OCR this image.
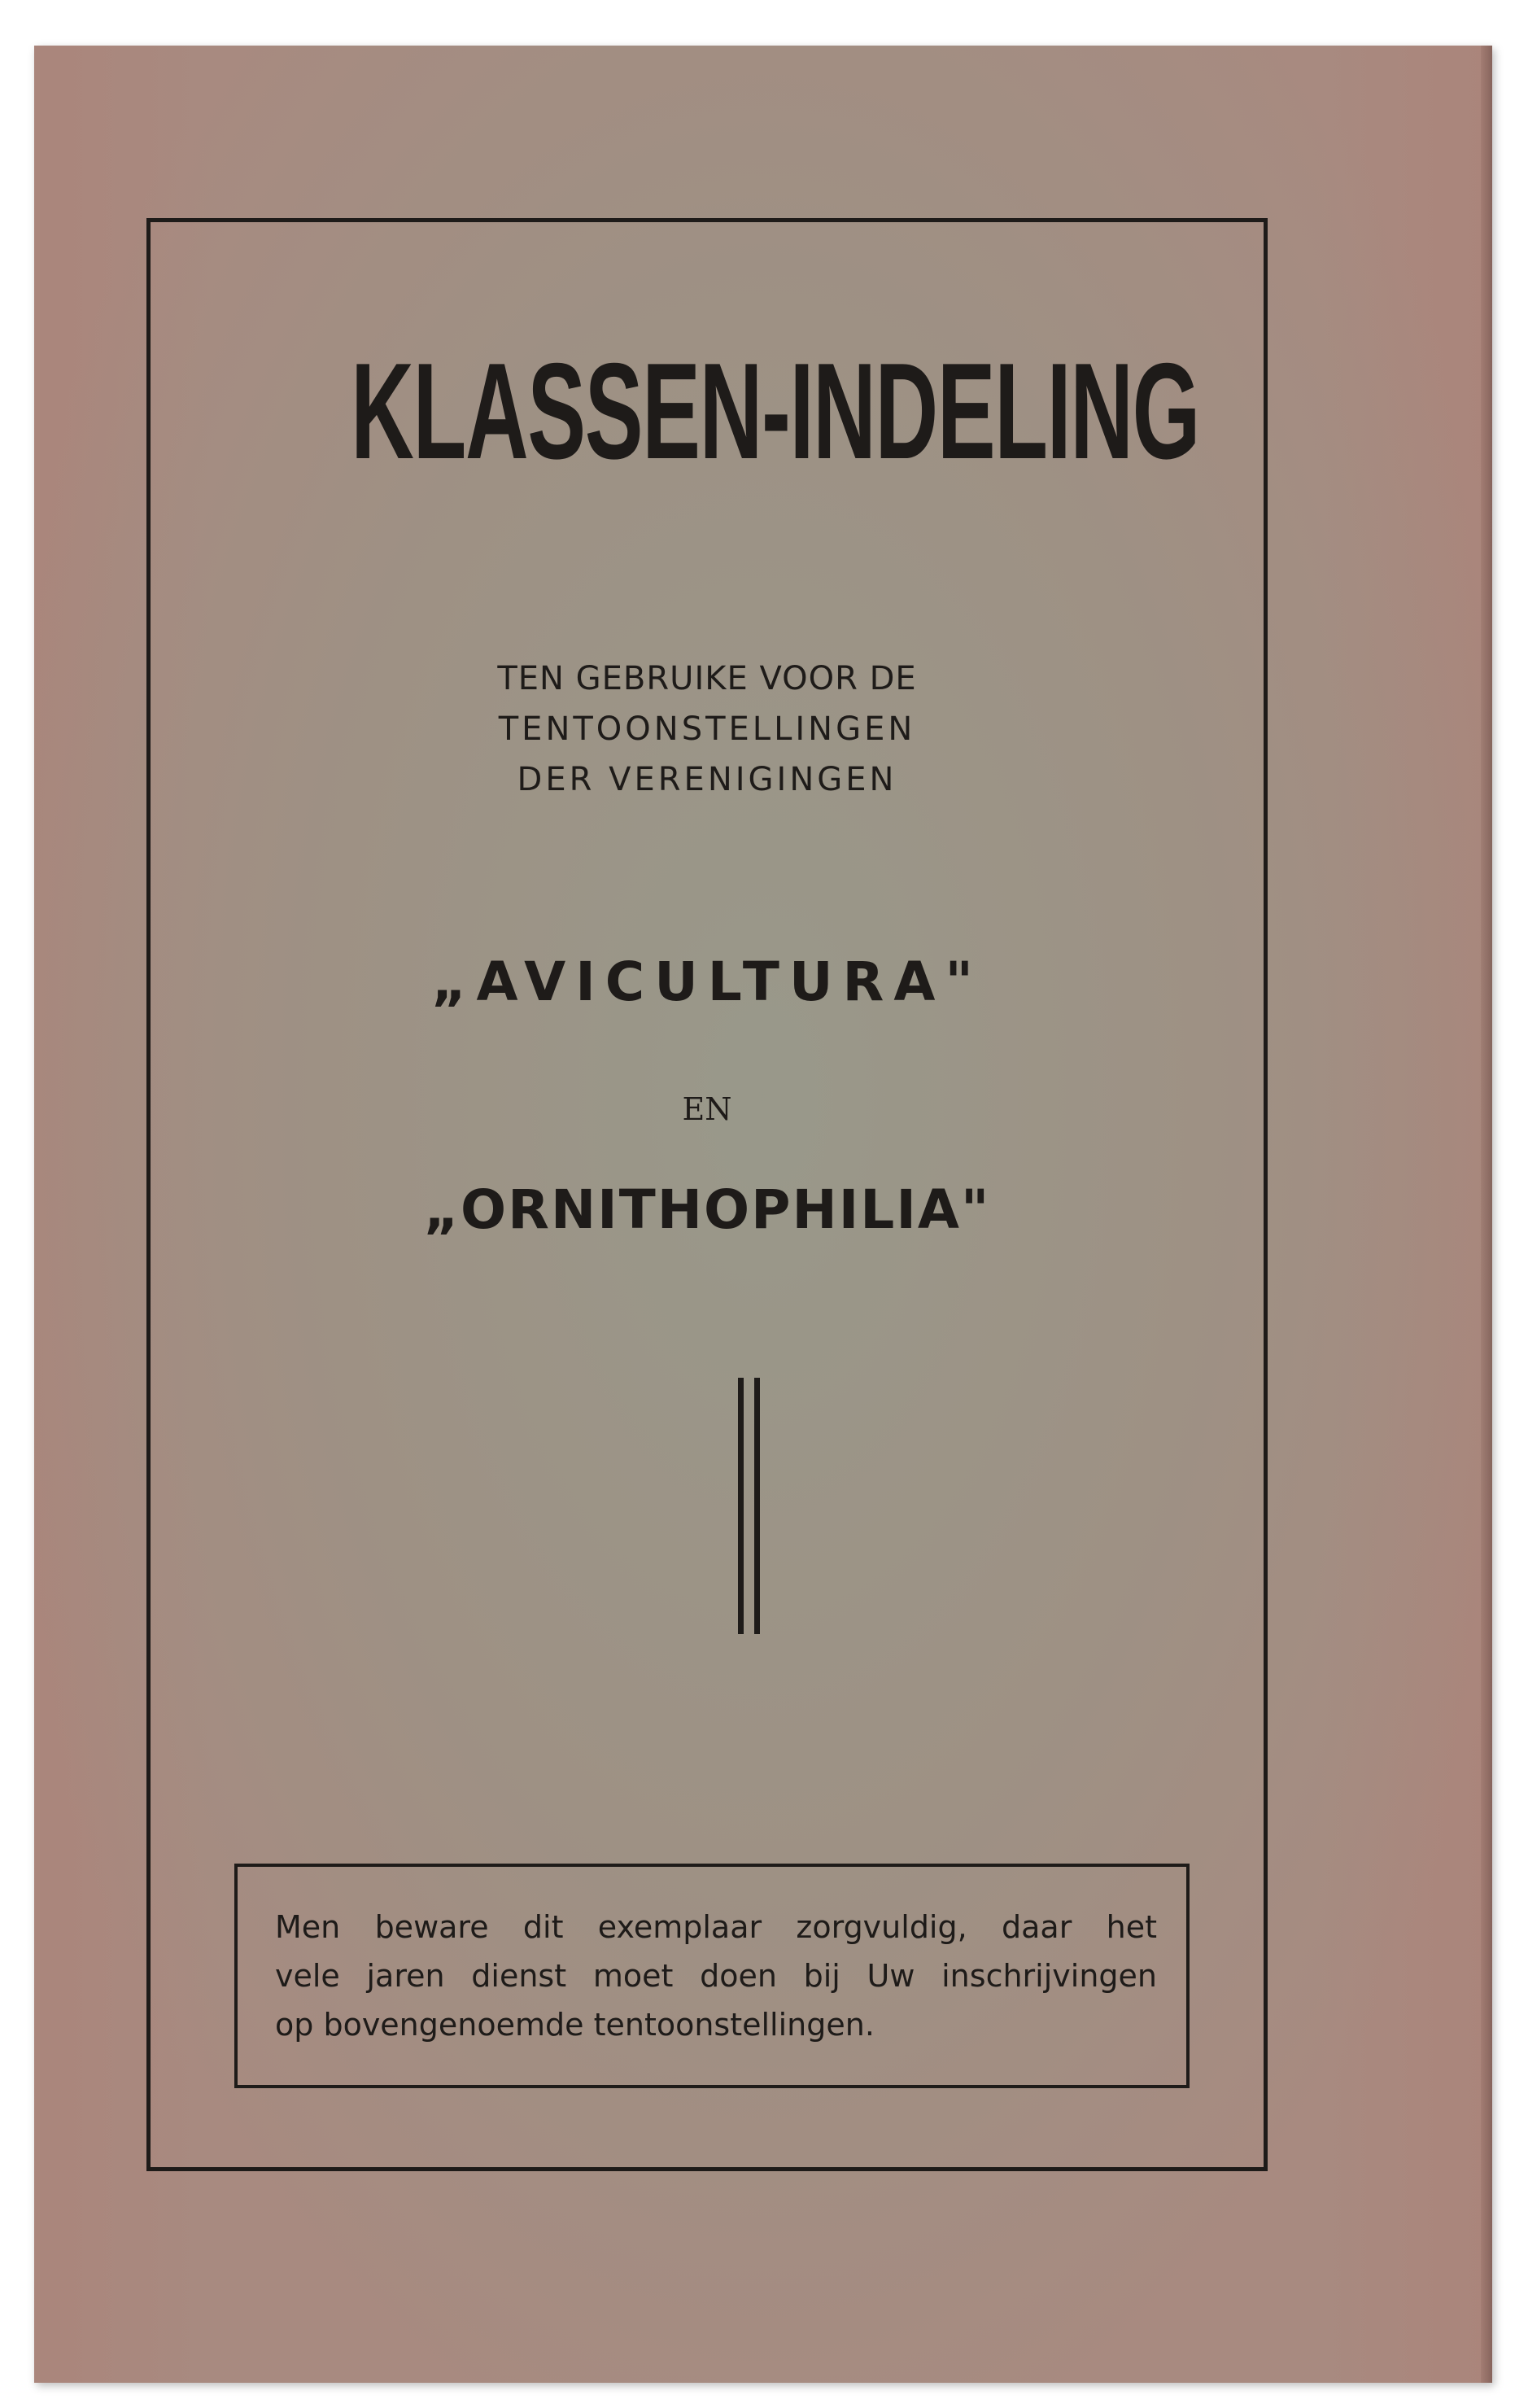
KLASSEN-INDELING
TEN GEBRUIKE VOOR DE
TENTOONSTELLINGEN
DER VERENIGINGEN
„AVICULTURA"
EN
„ORNITHOPHILIA"
Men beware dit exemplaar zorgvuldig, daar het
vele jaren dienst moet doen bij Uw inschrijvingen
op bovengenoemde tentoonstellingen.
